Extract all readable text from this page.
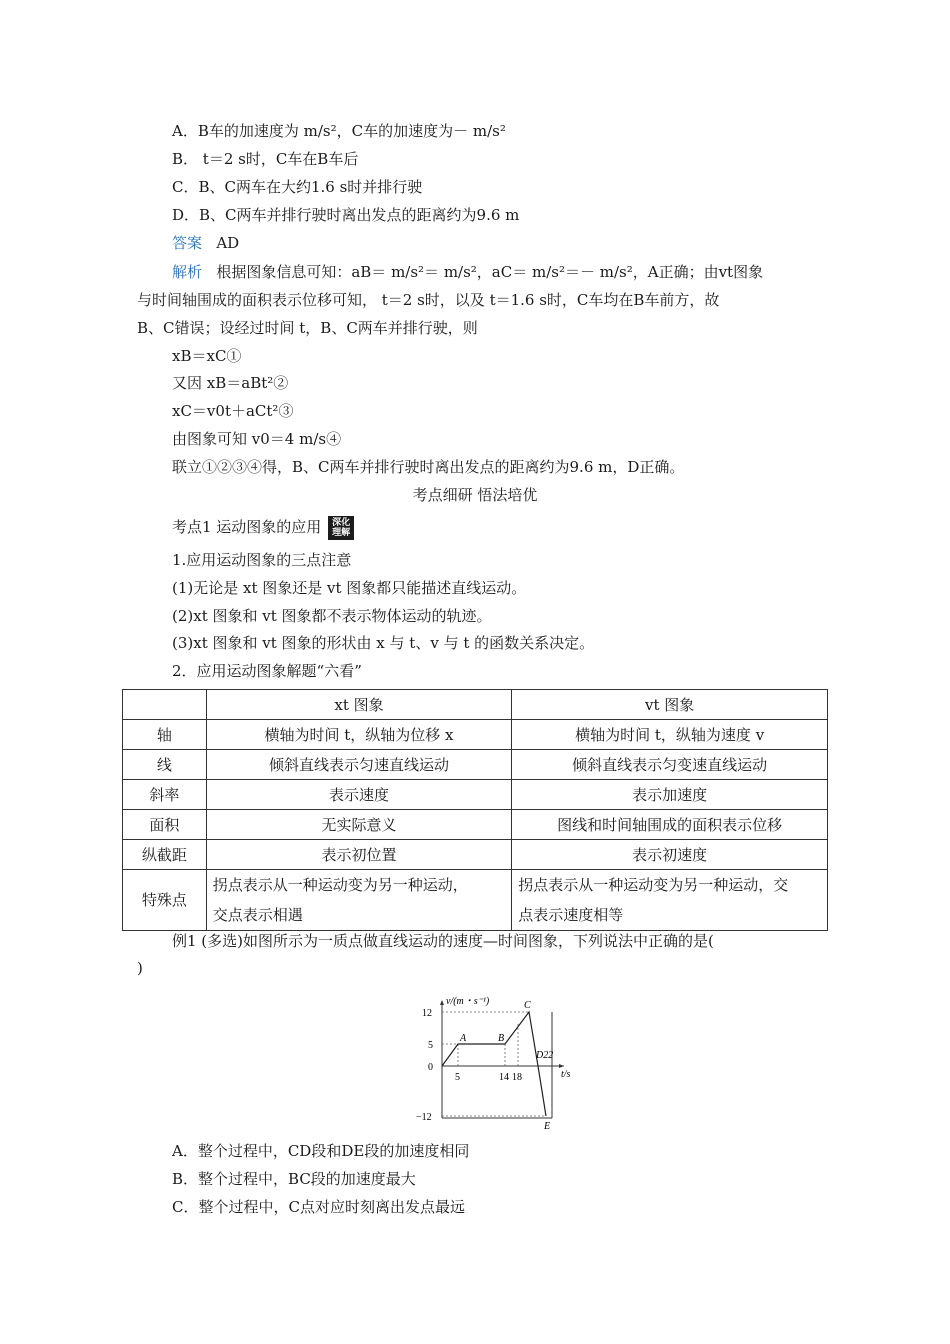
A．B车的加速度为 m/s²，C车的加速度为－ m/s²
B． t＝2 s时，C车在B车后
C．B、C两车在大约1.6 s时并排行驶
D．B、C两车并排行驶时离出发点的距离约为9.6 m
答案 AD
解析 根据图象信息可知：aB＝ m/s²＝ m/s²，aC＝ m/s²＝－ m/s²，A正确；由vt图象
与时间轴围成的面积表示位移可知， t＝2 s时，以及 t＝1.6 s时，C车均在B车前方，故
B、C错误；设经过时间 t，B、C两车并排行驶，则
xB＝xC①
又因 xB＝aBt²②
xC＝v0t＋aCt²③
由图象可知 v0＝4 m/s④
联立①②③④得，B、C两车并排行驶时离出发点的距离约为9.6 m，D正确。
考点细研 悟法培优
考点1 运动图象的应用 深化
理解
1.应用运动图象的三点注意
(1)无论是 xt 图象还是 vt 图象都只能描述直线运动。
(2)xt 图象和 vt 图象都不表示物体运动的轨迹。
(3)xt 图象和 vt 图象的形状由 x 与 t、v 与 t 的函数关系决定。
2．应用运动图象解题“六看”
	xt 图象	vt 图象
轴	横轴为时间 t，纵轴为位移 x	横轴为时间 t，纵轴为速度 v
线	倾斜直线表示匀速直线运动	倾斜直线表示匀变速直线运动
斜率	表示速度	表示加速度
面积	无实际意义	图线和时间轴围成的面积表示位移
纵截距	表示初位置	表示初速度
特殊点	拐点表示从一种运动变为另一种运动，
交点表示相遇	拐点表示从一种运动变为另一种运动，交
点表示速度相等
例1 (多选)如图所示为一质点做直线运动的速度—时间图象，下列说法中正确的是(
)
v/(m・s⁻¹)
t/s
12
5
0
−12
5	14 18
A	B
C
D22
E
A．整个过程中，CD段和DE段的加速度相同
B．整个过程中，BC段的加速度最大
C．整个过程中，C点对应时刻离出发点最远
